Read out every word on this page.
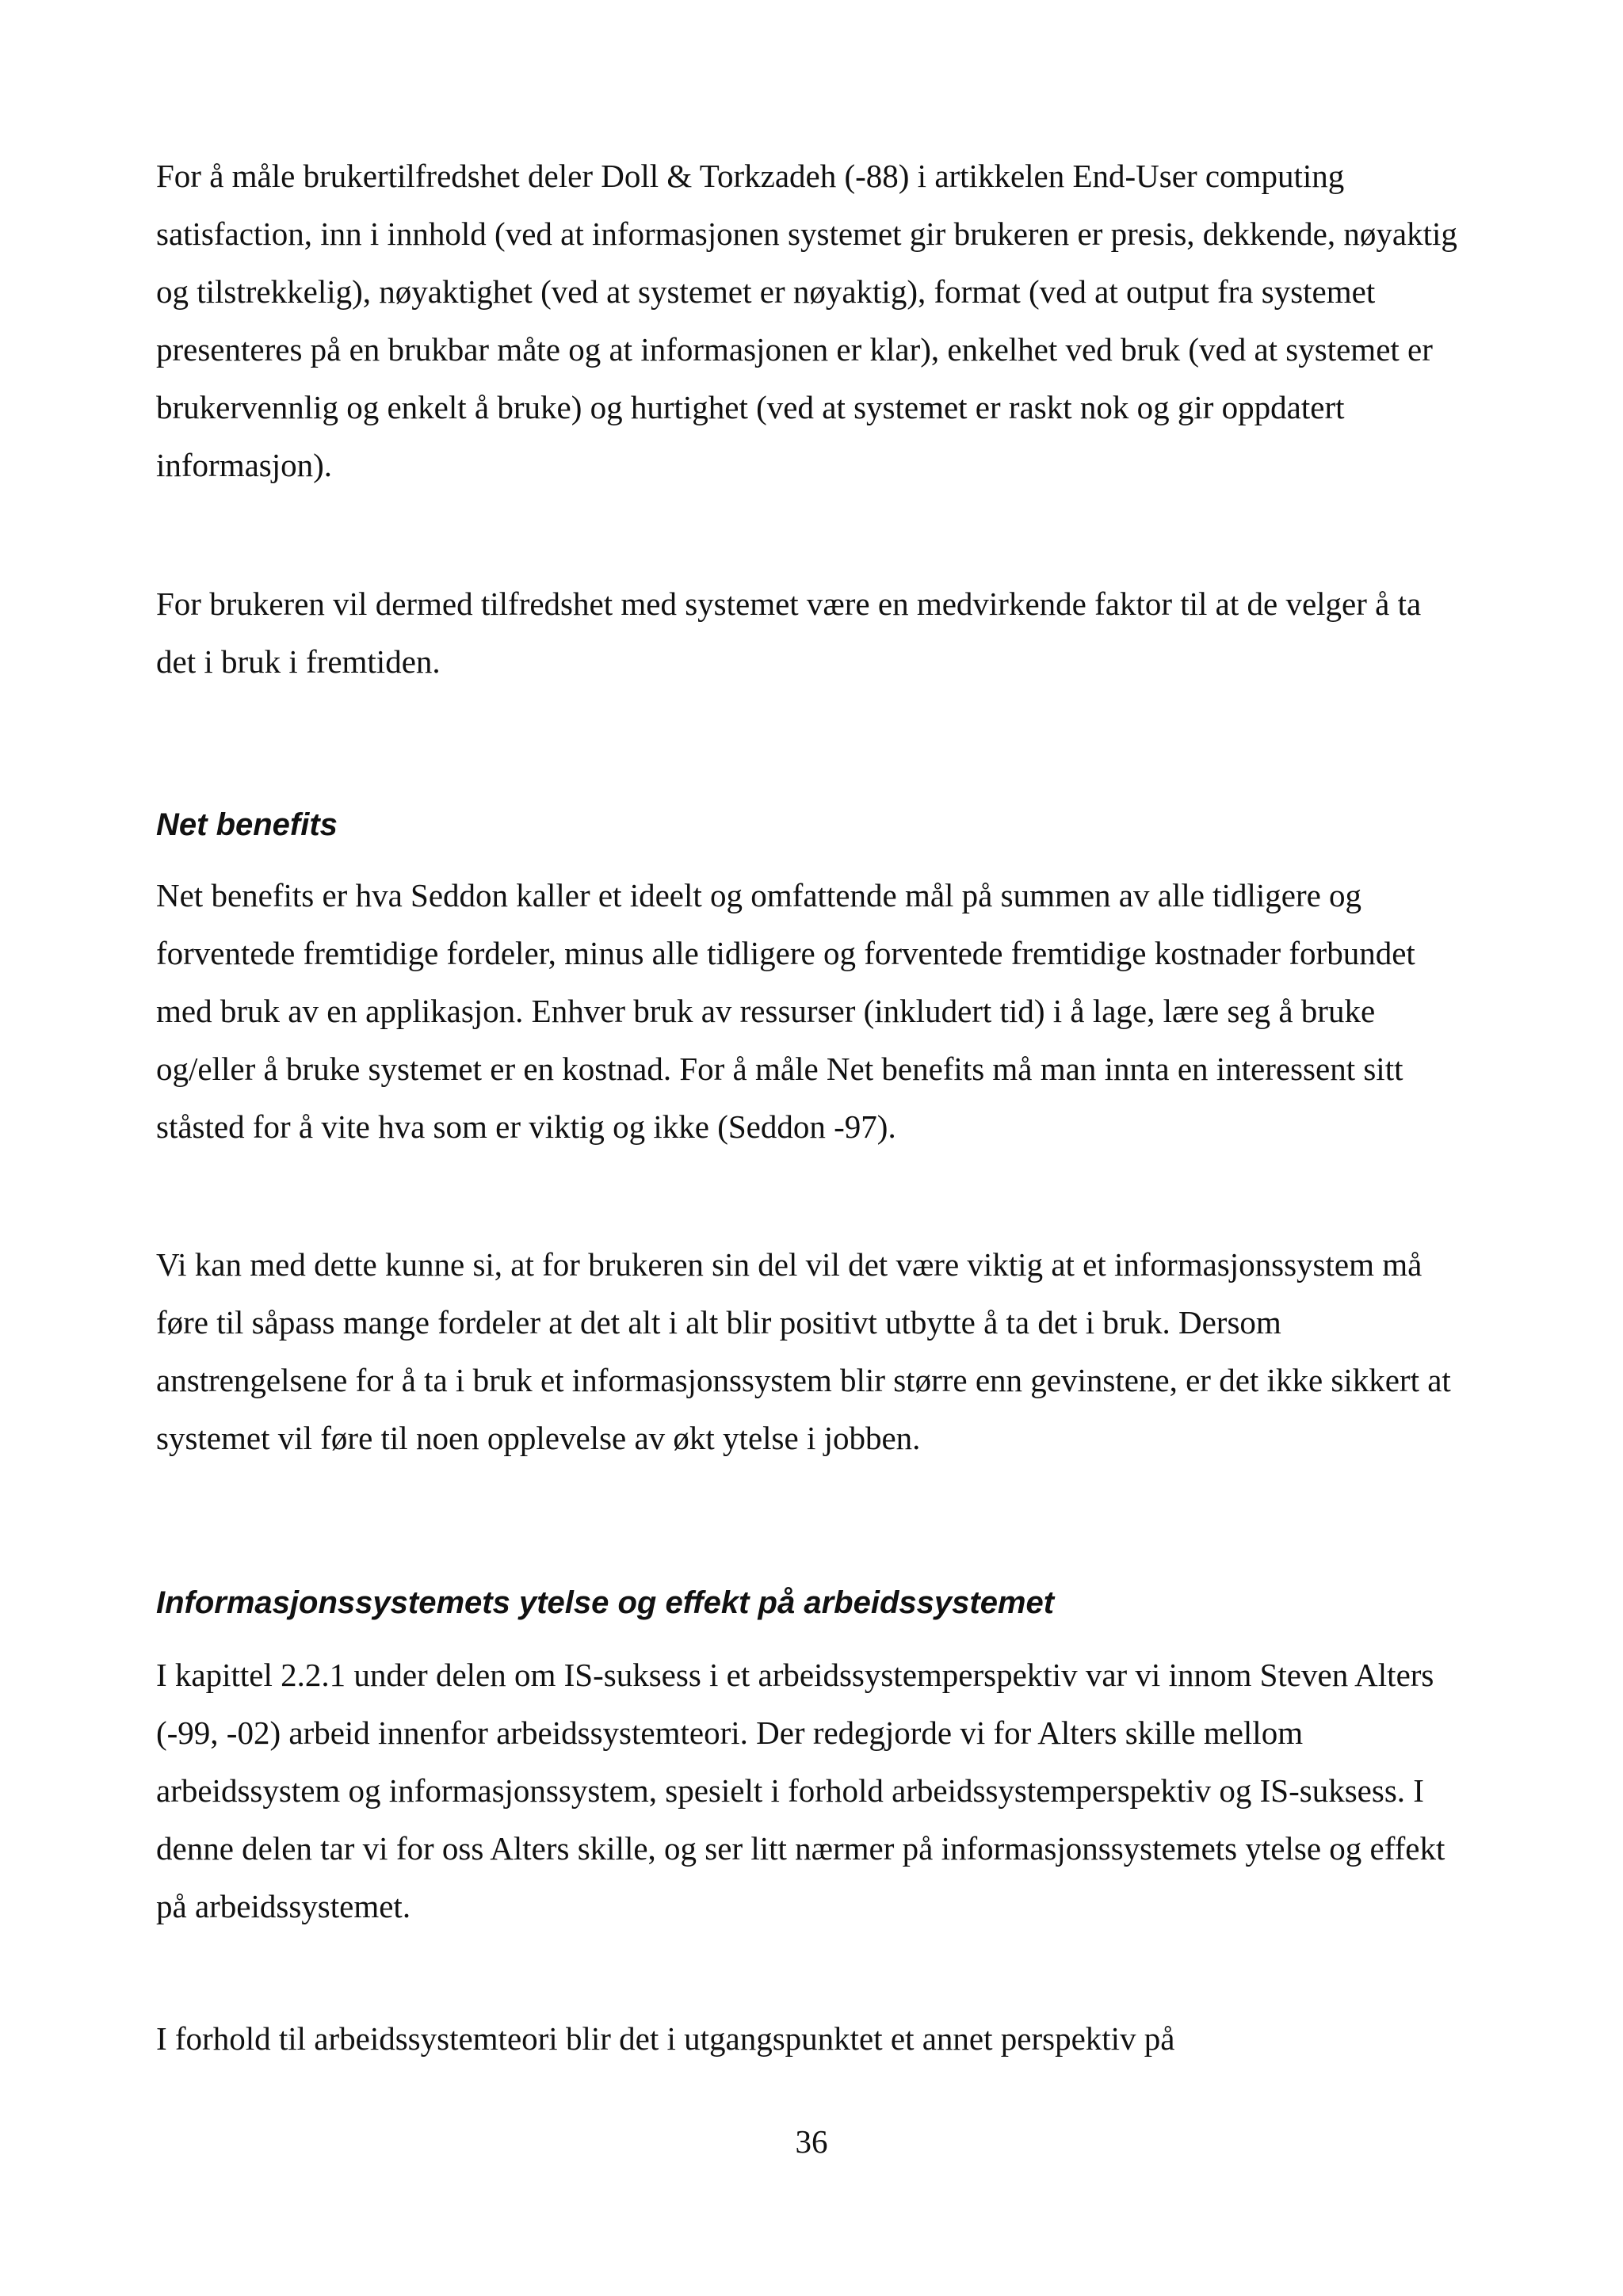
For å måle brukertilfredshet deler Doll & Torkzadeh (-88) i artikkelen End-User computing
satisfaction, inn i innhold (ved at informasjonen systemet gir brukeren er presis, dekkende, nøyaktig
og tilstrekkelig), nøyaktighet (ved at systemet er nøyaktig), format (ved at output fra systemet
presenteres på en brukbar måte og at informasjonen er klar), enkelhet ved bruk (ved at systemet er
brukervennlig og enkelt å bruke) og hurtighet (ved at systemet er raskt nok og gir oppdatert
informasjon).

For brukeren vil dermed tilfredshet med systemet være en medvirkende faktor til at de velger å ta
det i bruk i fremtiden.

Net benefits

Net benefits er hva Seddon kaller et ideelt og omfattende mål på summen av alle tidligere og
forventede fremtidige fordeler, minus alle tidligere og forventede fremtidige kostnader forbundet
med bruk av en applikasjon. Enhver bruk av ressurser (inkludert tid) i å lage, lære seg å bruke
og/eller å bruke systemet er en kostnad. For å måle Net benefits må man innta en interessent sitt
ståsted for å vite hva som er viktig og ikke (Seddon -97).

Vi kan med dette kunne si, at for brukeren sin del vil det være viktig at et informasjonssystem må
føre til såpass mange fordeler at det alt i alt blir positivt utbytte å ta det i bruk. Dersom
anstrengelsene for å ta i bruk et informasjonssystem blir større enn gevinstene, er det ikke sikkert at
systemet vil føre til noen opplevelse av økt ytelse i jobben.

Informasjonssystemets ytelse og effekt på arbeidssystemet

I kapittel 2.2.1 under delen om IS-suksess i et arbeidssystemperspektiv var vi innom Steven Alters
(-99, -02) arbeid innenfor arbeidssystemteori. Der redegjorde vi for Alters skille mellom
arbeidssystem og informasjonssystem, spesielt i forhold arbeidssystemperspektiv og IS-suksess. I
denne delen tar vi for oss Alters skille, og ser litt nærmer på informasjonssystemets ytelse og effekt
på arbeidssystemet.

I forhold til arbeidssystemteori blir det i utgangspunktet et annet perspektiv på

36
